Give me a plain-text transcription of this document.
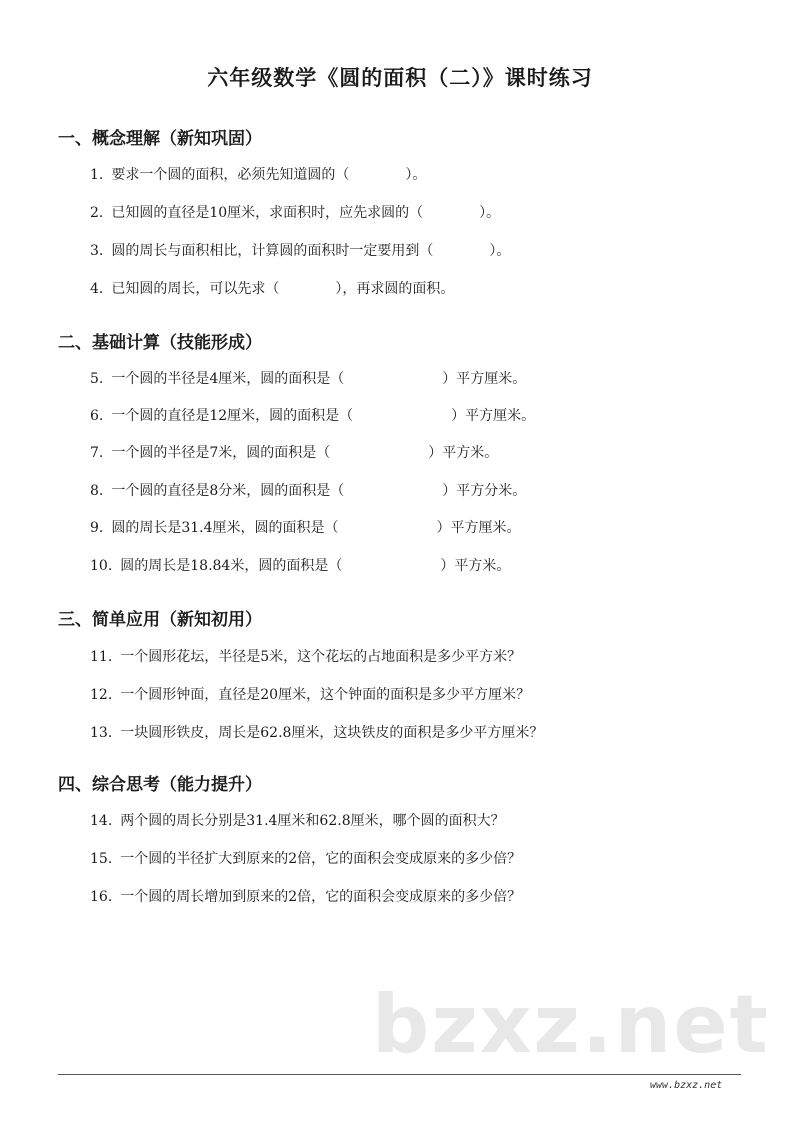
六年级数学《圆的面积（二）》课时练习
一、概念理解（新知巩固）
1. 要求一个圆的面积，必须先知道圆的（　　　　）。
2. 已知圆的直径是10厘米，求面积时，应先求圆的（　　　　）。
3. 圆的周长与面积相比，计算圆的面积时一定要用到（　　　　）。
4. 已知圆的周长，可以先求（　　　　），再求圆的面积。
二、基础计算（技能形成）
5. 一个圆的半径是4厘米，圆的面积是（　　　　　　　）平方厘米。
6. 一个圆的直径是12厘米，圆的面积是（　　　　　　　）平方厘米。
7. 一个圆的半径是7米，圆的面积是（　　　　　　　）平方米。
8. 一个圆的直径是8分米，圆的面积是（　　　　　　　）平方分米。
9. 圆的周长是31.4厘米，圆的面积是（　　　　　　　）平方厘米。
10. 圆的周长是18.84米，圆的面积是（　　　　　　　）平方米。
三、简单应用（新知初用）
11. 一个圆形花坛，半径是5米，这个花坛的占地面积是多少平方米？
12. 一个圆形钟面，直径是20厘米，这个钟面的面积是多少平方厘米？
13. 一块圆形铁皮，周长是62.8厘米，这块铁皮的面积是多少平方厘米？
四、综合思考（能力提升）
14. 两个圆的周长分别是31.4厘米和62.8厘米，哪个圆的面积大？
15. 一个圆的半径扩大到原来的2倍，它的面积会变成原来的多少倍？
16. 一个圆的周长增加到原来的2倍，它的面积会变成原来的多少倍？
bzxz.net
www.bzxz.net
